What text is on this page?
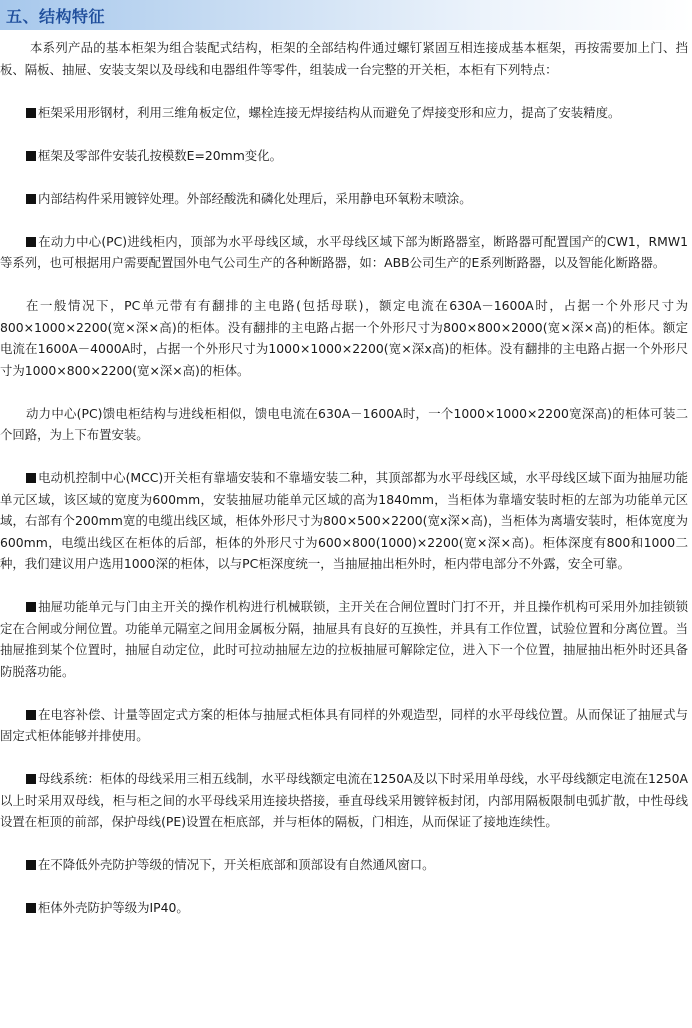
五、结构特征

本系列产品的基本柜架为组合装配式结构，柜架的全部结构件通过螺钉紧固互相连接成基本框架，再按需要加上门、挡板、隔板、抽屉、安装支架以及母线和电器组件等零件，组装成一台完整的开关柜，本柜有下列特点：

柜架采用形钢材，利用三维角板定位，螺栓连接无焊接结构从而避免了焊接变形和应力，提高了安装精度。

框架及零部件安装孔按模数E=20mm变化。

内部结构件采用镀锌处理。外部经酸洗和磷化处理后，采用静电环氧粉末喷涂。

在动力中心(PC)进线柜内，顶部为水平母线区域，水平母线区域下部为断路器室，断路器可配置国产的CW1，RMW1等系列，也可根据用户需要配置国外电气公司生产的各种断路器，如：ABB公司生产的E系列断路器，以及智能化断路器。

在一般情况下，PC单元带有有翻排的主电路(包括母联)，额定电流在630A－1600A时，占据一个外形尺寸为800×1000×2200(宽×深×高)的柜体。没有翻排的主电路占据一个外形尺寸为800×800×2000(宽×深×高)的柜体。额定电流在1600A－4000A时，占据一个外形尺寸为1000×1000×2200(宽×深x高)的柜体。没有翻排的主电路占据一个外形尺寸为1000×800×2200(宽×深×高)的柜体。

动力中心(PC)馈电柜结构与进线柜相似，馈电电流在630A－1600A时，一个1000×1000×2200宽深高)的柜体可装二个回路，为上下布置安装。

电动机控制中心(MCC)开关柜有靠墙安装和不靠墙安装二种，其顶部都为水平母线区域，水平母线区域下面为抽屉功能单元区域，该区域的宽度为600mm，安装抽屉功能单元区域的高为1840mm，当柜体为靠墙安装时柜的左部为功能单元区域，右部有个200mm宽的电缆出线区域，柜体外形尺寸为800×500×2200(宽x深×高)，当柜体为离墙安装时，柜体宽度为600mm，电缆出线区在柜体的后部，柜体的外形尺寸为600×800(1000)×2200(宽×深×高)。柜体深度有800和1000二种，我们建议用户选用1000深的柜体，以与PC柜深度统一，当抽屉抽出柜外时，柜内带电部分不外露，安全可靠。

抽屉功能单元与门由主开关的操作机构进行机械联锁，主开关在合闸位置时门打不开，并且操作机构可采用外加挂锁锁定在合闸或分闸位置。功能单元隔室之间用金属板分隔，抽屉具有良好的互换性，并具有工作位置，试验位置和分离位置。当抽屉推到某个位置时，抽屉自动定位，此时可拉动抽屉左边的拉板抽屉可解除定位，进入下一个位置，抽屉抽出柜外时还具备防脱落功能。

在电容补偿、计量等固定式方案的柜体与抽屉式柜体具有同样的外观造型，同样的水平母线位置。从而保证了抽屉式与固定式柜体能够并排使用。

母线系统：柜体的母线采用三相五线制，水平母线额定电流在1250A及以下时采用单母线，水平母线额定电流在1250A以上时采用双母线，柜与柜之间的水平母线采用连接块搭接，垂直母线采用镀锌板封闭，内部用隔板限制电弧扩散，中性母线设置在柜顶的前部，保护母线(PE)设置在柜底部，并与柜体的隔板，门相连，从而保证了接地连续性。

在不降低外壳防护等级的情况下，开关柜底部和顶部设有自然通风窗口。

柜体外壳防护等级为IP40。
